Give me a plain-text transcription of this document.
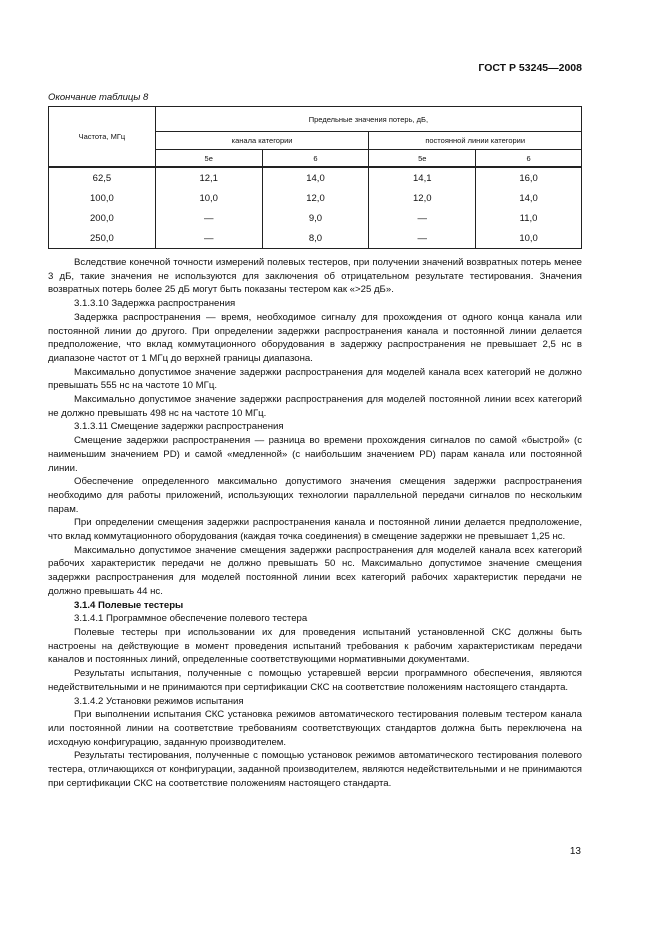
ГОСТ Р 53245—2008
Окончание таблицы 8
Частота, МГц	Предельные значения потерь, дБ,			
	канала категории		постоянной линии категории	
	5е	6	5е	6
62,5	12,1	14,0	14,1	16,0
100,0	10,0	12,0	12,0	14,0
200,0	—	9,0	—	11,0
250,0	—	8,0	—	10,0

Вследствие конечной точности измерений полевых тестеров, при получении значений возвратных потерь менее 3 дБ, такие значения не используются для заключения об отрицательном результате тестирования. Значения возвратных потерь более 25 дБ могут быть показаны тестером как «>25 дБ».

3.1.3.10 Задержка распространения

Задержка распространения — время, необходимое сигналу для прохождения от одного конца канала или постоянной линии до другого. При определении задержки распространения канала и постоянной линии делается предположение, что вклад коммутационного оборудования в задержку распространения не превышает 2,5 нс в диапазоне частот от 1 МГц до верхней границы диапазона.

Максимально допустимое значение задержки распространения для моделей канала всех категорий не должно превышать 555 нс на частоте 10 МГц.

Максимально допустимое значение задержки распространения для моделей постоянной линии всех категорий не должно превышать 498 нс на частоте 10 МГц.

3.1.3.11 Смещение задержки распространения

Смещение задержки распространения — разница во времени прохождения сигналов по самой «быстрой» (с наименьшим значением PD) и самой «медленной» (с наибольшим значением PD) парам канала или постоянной линии.

Обеспечение определенного максимально допустимого значения смещения задержки распространения необходимо для работы приложений, использующих технологии параллельной передачи сигналов по нескольким парам.

При определении смещения задержки распространения канала и постоянной линии делается предположение, что вклад коммутационного оборудования (каждая точка соединения) в смещение задержки не превышает 1,25 нс.

Максимально допустимое значение смещения задержки распространения для моделей канала всех категорий рабочих характеристик передачи не должно превышать 50 нс. Максимально допустимое значение смещения задержки распространения для моделей постоянной линии всех категорий рабочих характеристик передачи не должно превышать 44 нс.

3.1.4 Полевые тестеры

3.1.4.1 Программное обеспечение полевого тестера

Полевые тестеры при использовании их для проведения испытаний установленной СКС должны быть настроены на действующие в момент проведения испытаний требования к рабочим характеристикам передачи каналов и постоянных линий, определенные соответствующими нормативными документами.

Результаты испытания, полученные с помощью устаревшей версии программного обеспечения, являются недействительными и не принимаются при сертификации СКС на соответствие положениям настоящего стандарта.

3.1.4.2 Установки режимов испытания

При выполнении испытания СКС установка режимов автоматического тестирования полевым тестером канала или постоянной линии на соответствие требованиям соответствующих стандартов должна быть переключена на исходную конфигурацию, заданную производителем.

Результаты тестирования, полученные с помощью установок режимов автоматического тестирования полевого тестера, отличающихся от конфигурации, заданной производителем, являются недействительными и не принимаются при сертификации СКС на соответствие положениям настоящего стандарта.

13
